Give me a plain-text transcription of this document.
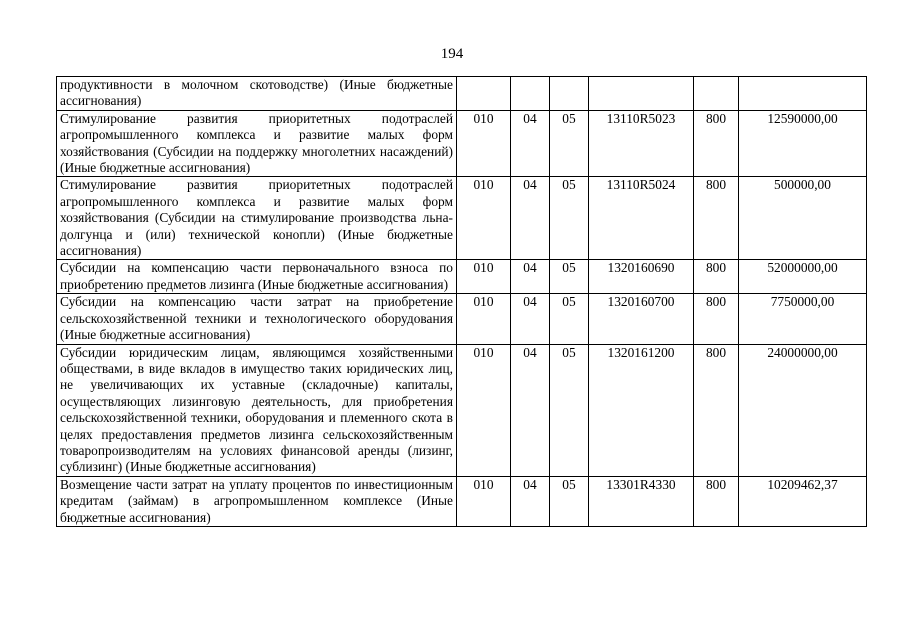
194
продуктивности в молочном скотоводстве) (Иные бюджетные ассигнования)						
Стимулирование развития приоритетных подотраслей агропромышленного комплекса и развитие малых форм хозяйствования (Субсидии на поддержку многолетних насаждений) (Иные бюджетные ассигнования)	010	04	05	13110R5023	800	12590000,00
Стимулирование развития приоритетных подотраслей агропромышленного комплекса и развитие малых форм хозяйствования (Субсидии на стимулирование производства льна-долгунца и (или) технической конопли) (Иные бюджетные ассигнования)	010	04	05	13110R5024	800	500000,00
Субсидии на компенсацию части первоначального взноса по приобретению предметов лизинга (Иные бюджетные ассигнования)	010	04	05	1320160690	800	52000000,00
Субсидии на компенсацию части затрат на приобретение сельскохозяйственной техники и технологического оборудования (Иные бюджетные ассигнования)	010	04	05	1320160700	800	7750000,00
Субсидии юридическим лицам, являющимся хозяйственными обществами, в виде вкладов в имущество таких юридических лиц, не увеличивающих их уставные (складочные) капиталы, осуществляющих лизинговую деятельность, для приобретения сельскохозяйственной техники, оборудования и племенного скота в целях предоставления предметов лизинга сельскохозяйственным товаропроизводителям на условиях финансовой аренды (лизинг, сублизинг) (Иные бюджетные ассигнования)	010	04	05	1320161200	800	24000000,00
Возмещение части затрат на уплату процентов по инвестиционным кредитам (займам) в агропромышленном комплексе (Иные бюджетные ассигнования)	010	04	05	13301R4330	800	10209462,37
